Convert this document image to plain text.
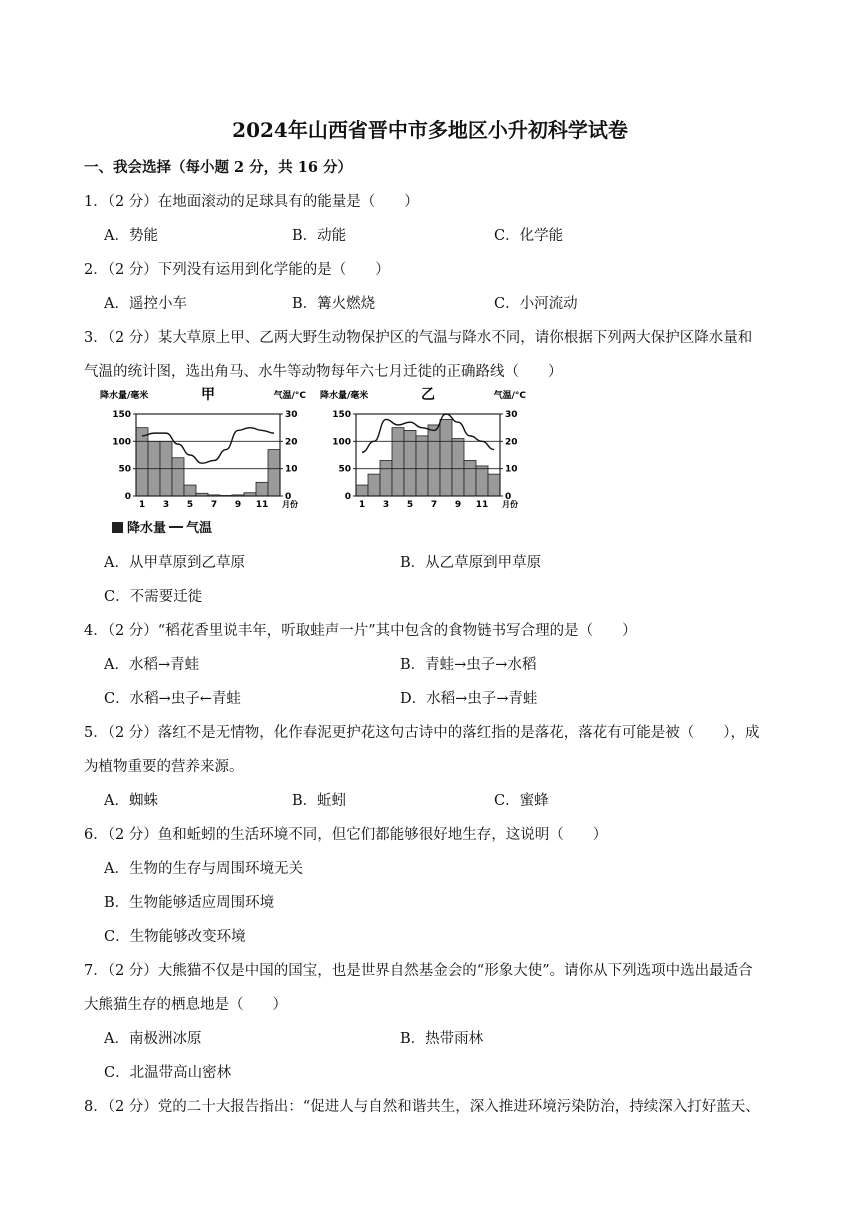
2024年山西省晋中市多地区小升初科学试卷
一、我会选择（每小题 2 分，共 16 分）
1．（2 分）在地面滚动的足球具有的能量是（　　）
A．势能	B．动能	C．化学能
2．（2 分）下列没有运用到化学能的是（　　）
A．遥控小车	B．篝火燃烧	C．小河流动
3．（2 分）某大草原上甲、乙两大野生动物保护区的气温与降水不同，请你根据下列两大保护区降水量和
气温的统计图，选出角马、水牛等动物每年六七月迁徙的正确路线（　　）
降水量/毫米	甲	气温/°C
0
50
100
150
0
10
20
30
1 3 5 7 9 11 月份
降水量/毫米	乙	气温/°C
0
50
100
150
0
10
20
30
1 3 5 7 9 11 月份
降水量 气温
A．从甲草原到乙草原	B．从乙草原到甲草原
C．不需要迁徙
4．（2 分）“稻花香里说丰年，听取蛙声一片”其中包含的食物链书写合理的是（　　）
A．水稻→青蛙	B．青蛙→虫子→水稻
C．水稻→虫子←青蛙	D．水稻→虫子→青蛙
5．（2 分）落红不是无情物，化作春泥更护花这句古诗中的落红指的是落花，落花有可能是被（　　），成
为植物重要的营养来源。
A．蜘蛛	B．蚯蚓	C．蜜蜂
6．（2 分）鱼和蚯蚓的生活环境不同，但它们都能够很好地生存，这说明（　　）
A．生物的生存与周围环境无关
B．生物能够适应周围环境
C．生物能够改变环境
7．（2 分）大熊猫不仅是中国的国宝，也是世界自然基金会的“形象大使”。请你从下列选项中选出最适合
大熊猫生存的栖息地是（　　）
A．南极洲冰原	B．热带雨林
C．北温带高山密林
8．（2 分）党的二十大报告指出：“促进人与自然和谐共生，深入推进环境污染防治，持续深入打好蓝天、
